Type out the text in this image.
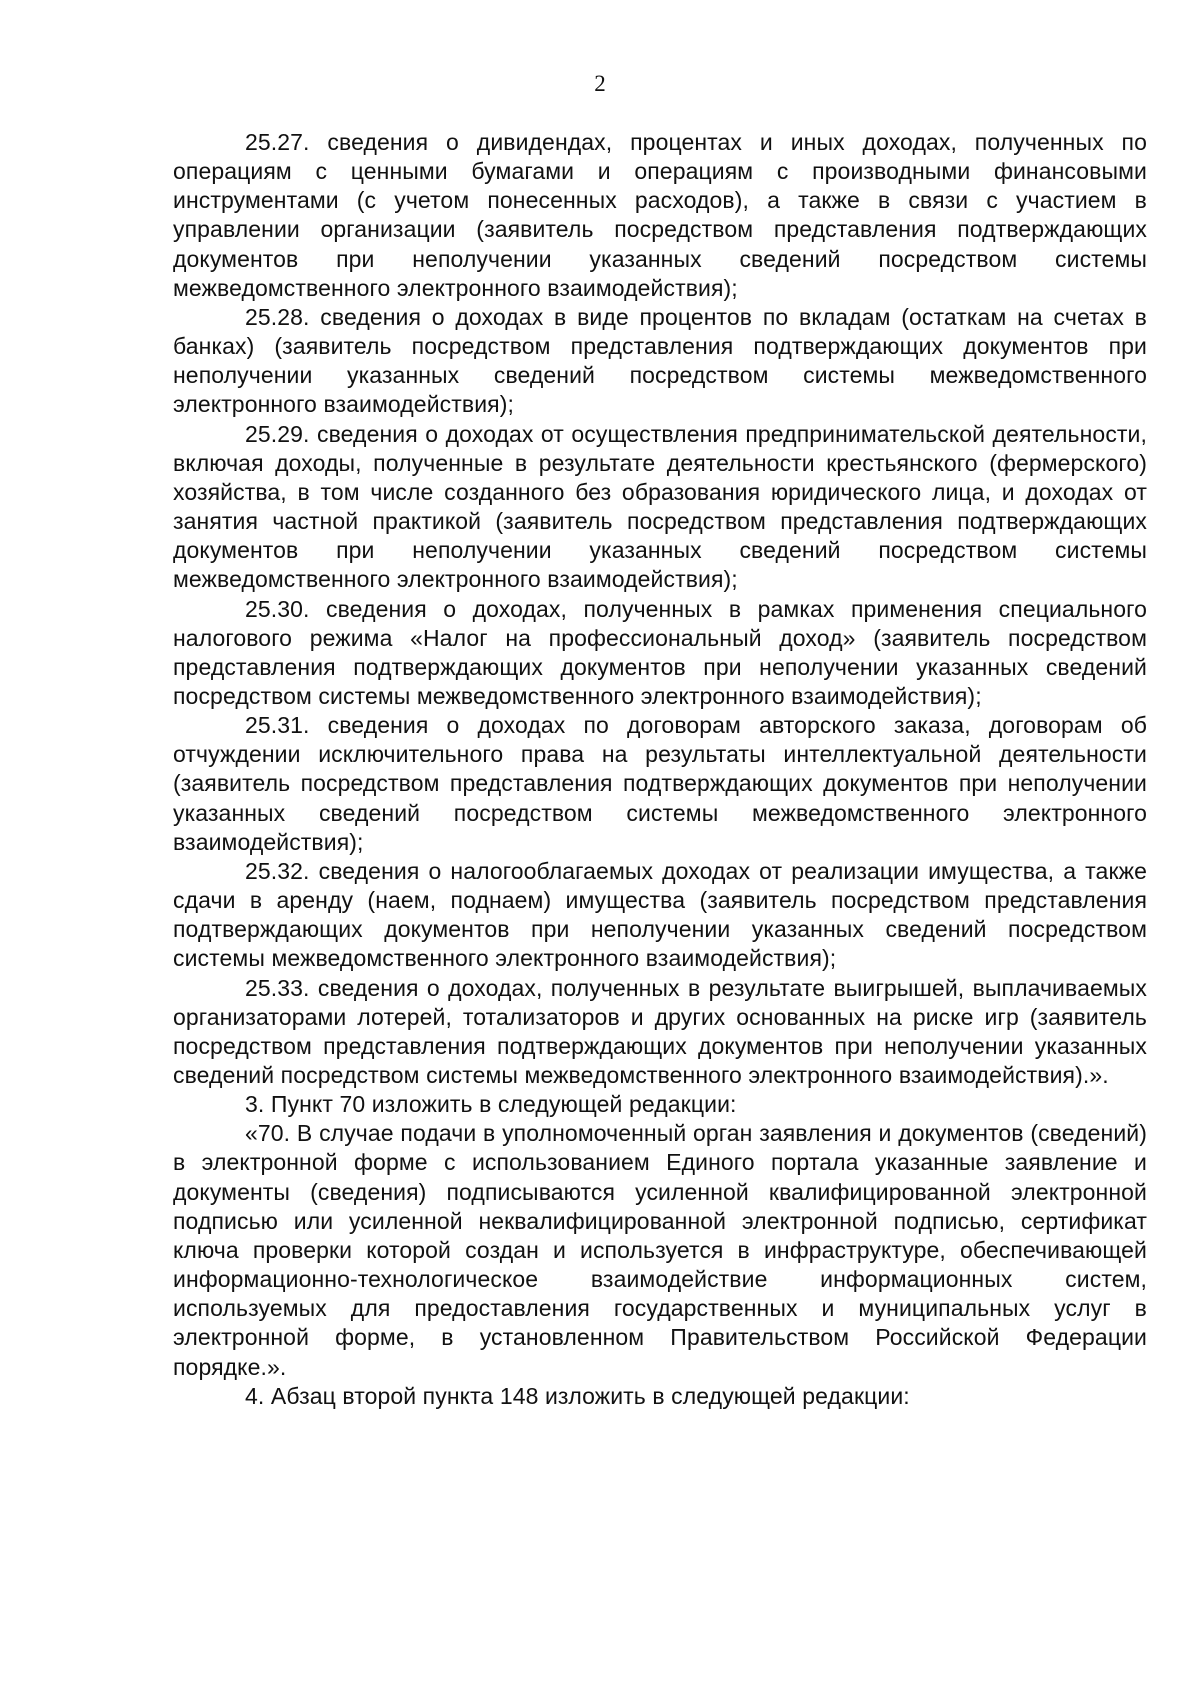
2

25.27. сведения о дивидендах, процентах и иных доходах, полученных по операциям с ценными бумагами и операциям с производными финансовыми инструментами (с учетом понесенных расходов), а также в связи с участием в управлении организации (заявитель посредством представления подтверждающих документов при неполучении указанных сведений посредством системы межведомственного электронного взаимодействия);

25.28. сведения о доходах в виде процентов по вкладам (остаткам на счетах в банках) (заявитель посредством представления подтверждающих документов при неполучении указанных сведений посредством системы межведомственного электронного взаимодействия);

25.29. сведения о доходах от осуществления предпринимательской деятельности, включая доходы, полученные в результате деятельности крестьянского (фермерского) хозяйства, в том числе созданного без образования юридического лица, и доходах от занятия частной практикой (заявитель посредством представления подтверждающих документов при неполучении указанных сведений посредством системы межведомственного электронного взаимодействия);

25.30. сведения о доходах, полученных в рамках применения специального налогового режима «Налог на профессиональный доход» (заявитель посредством представления подтверждающих документов при неполучении указанных сведений посредством системы межведомственного электронного взаимодействия);

25.31. сведения о доходах по договорам авторского заказа, договорам об отчуждении исключительного права на результаты интеллектуальной деятельности (заявитель посредством представления подтверждающих документов при неполучении указанных сведений посредством системы межведомственного электронного взаимодействия);

25.32. сведения о налогооблагаемых доходах от реализации имущества, а также сдачи в аренду (наем, поднаем) имущества (заявитель посредством представления подтверждающих документов при неполучении указанных сведений посредством системы межведомственного электронного взаимодействия);

25.33. сведения о доходах, полученных в результате выигрышей, выплачиваемых организаторами лотерей, тотализаторов и других основанных на риске игр (заявитель посредством представления подтверждающих документов при неполучении указанных сведений посредством системы межведомственного электронного взаимодействия).».

3. Пункт 70 изложить в следующей редакции:

«70. В случае подачи в уполномоченный орган заявления и документов (сведений) в электронной форме с использованием Единого портала указанные заявление и документы (сведения) подписываются усиленной квалифицированной электронной подписью или усиленной неквалифицированной электронной подписью, сертификат ключа проверки которой создан и используется в инфраструктуре, обеспечивающей информационно-технологическое взаимодействие информационных систем, используемых для предоставления государственных и муниципальных услуг в электронной форме, в установленном Правительством Российской Федерации порядке.».

4. Абзац второй пункта 148 изложить в следующей редакции:
